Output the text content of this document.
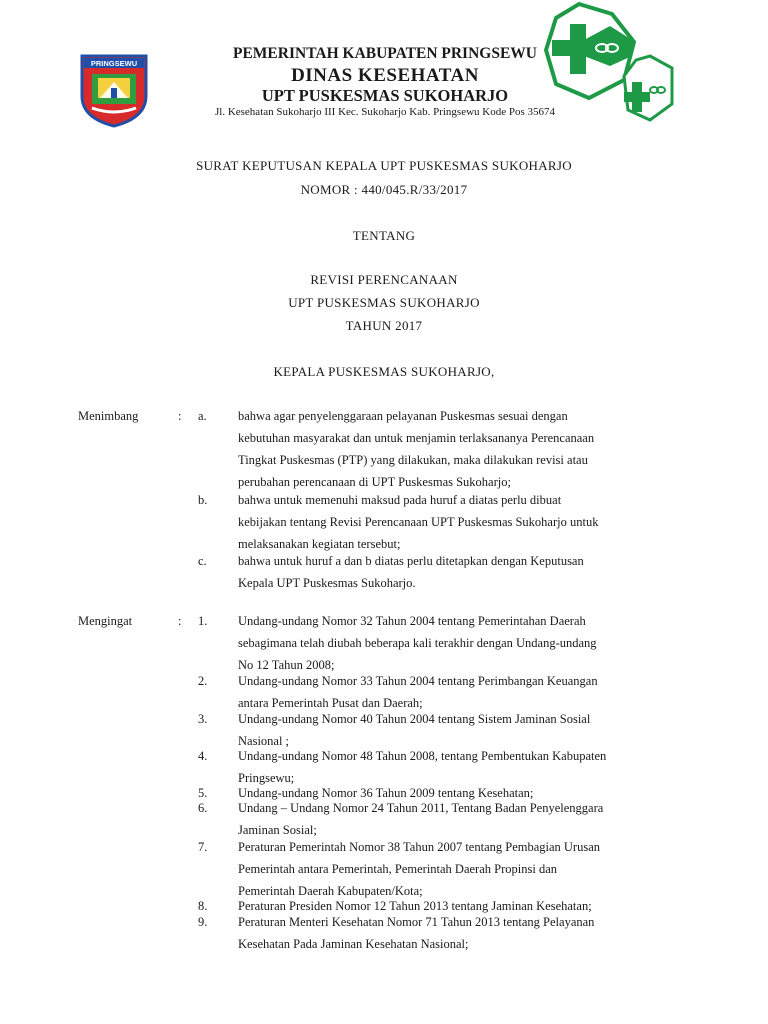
PRINGSEWU
PEMERINTAH KABUPATEN PRINGSEWU
DINAS KESEHATAN
UPT PUSKESMAS SUKOHARJO
Jl. Kesehatan Sukoharjo III Kec. Sukoharjo Kab. Pringsewu Kode Pos 35674
SURAT KEPUTUSAN KEPALA UPT PUSKESMAS SUKOHARJO
NOMOR : 440/045.R/33/2017
TENTANG
REVISI PERENCANAAN
UPT PUSKESMAS SUKOHARJO
TAHUN 2017
KEPALA PUSKESMAS SUKOHARJO,
Menimbang	: a.	bahwa agar penyelenggaraan pelayanan Puskesmas sesuai dengan
kebutuhan masyarakat dan untuk menjamin terlaksananya Perencanaan
Tingkat Puskesmas (PTP) yang dilakukan, maka dilakukan revisi atau
perubahan perencanaan di UPT Puskesmas Sukoharjo;
b. bahwa untuk memenuhi maksud pada huruf a diatas perlu dibuat
kebijakan tentang Revisi Perencanaan UPT Puskesmas Sukoharjo untuk
melaksanakan kegiatan tersebut;
c.	bahwa untuk huruf a dan b diatas perlu ditetapkan dengan Keputusan
Kepala UPT Puskesmas Sukoharjo.
Mengingat	: 1. Undang-undang Nomor 32 Tahun 2004 tentang Pemerintahan Daerah
sebagimana telah diubah beberapa kali terakhir dengan Undang-undang
No 12 Tahun 2008;
2. Undang-undang Nomor 33 Tahun 2004 tentang Perimbangan Keuangan
antara Pemerintah Pusat dan Daerah;
3. Undang-undang Nomor 40 Tahun 2004 tentang Sistem Jaminan Sosial
Nasional ;
4. Undang-undang Nomor 48 Tahun 2008, tentang Pembentukan Kabupaten
Pringsewu;
5. Undang-undang Nomor 36 Tahun 2009 tentang Kesehatan;
6. Undang – Undang Nomor 24 Tahun 2011, Tentang Badan Penyelenggara
Jaminan Sosial;
7. Peraturan Pemerintah Nomor 38 Tahun 2007 tentang Pembagian Urusan
Pemerintah antara Pemerintah, Pemerintah Daerah Propinsi dan
Pemerintah Daerah Kabupaten/Kota;
8. Peraturan Presiden Nomor 12 Tahun 2013 tentang Jaminan Kesehatan;
9. Peraturan Menteri Kesehatan Nomor 71 Tahun 2013 tentang Pelayanan
Kesehatan Pada Jaminan Kesehatan Nasional;
